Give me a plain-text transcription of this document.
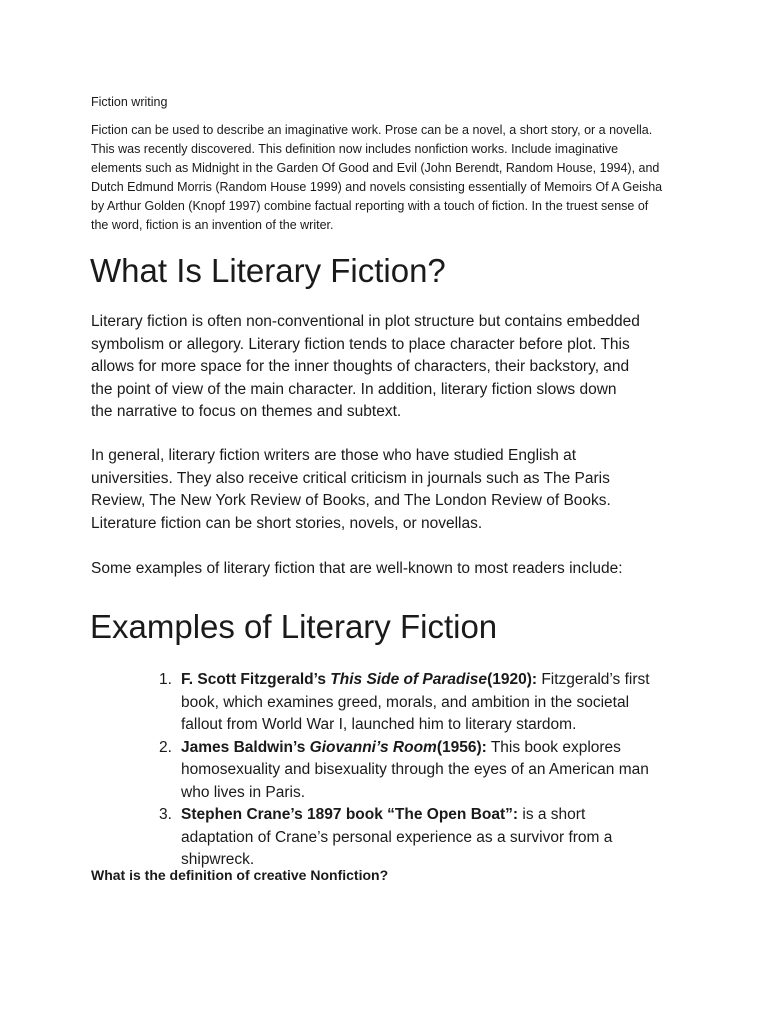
Fiction writing

Fiction can be used to describe an imaginative work. Prose can be a novel, a short story, or a novella.
This was recently discovered. This definition now includes nonfiction works. Include imaginative
elements such as Midnight in the Garden Of Good and Evil (John Berendt, Random House, 1994), and
Dutch Edmund Morris (Random House 1999) and novels consisting essentially of Memoirs Of A Geisha
by Arthur Golden (Knopf 1997) combine factual reporting with a touch of fiction. In the truest sense of
the word, fiction is an invention of the writer.

What Is Literary Fiction?

Literary fiction is often non-conventional in plot structure but contains embedded
symbolism or allegory. Literary fiction tends to place character before plot. This
allows for more space for the inner thoughts of characters, their backstory, and
the point of view of the main character. In addition, literary fiction slows down
the narrative to focus on themes and subtext.

In general, literary fiction writers are those who have studied English at
universities. They also receive critical criticism in journals such as The Paris
Review, The New York Review of Books, and The London Review of Books.
Literature fiction can be short stories, novels, or novellas.

Some examples of literary fiction that are well-known to most readers include:

Examples of Literary Fiction
1. F. Scott Fitzgerald’s This Side of Paradise(1920): Fitzgerald’s first
book, which examines greed, morals, and ambition in the societal
fallout from World War I, launched him to literary stardom.
2. James Baldwin’s Giovanni’s Room(1956): This book explores
homosexuality and bisexuality through the eyes of an American man
who lives in Paris.
3. Stephen Crane’s 1897 book “The Open Boat”: is a short
adaptation of Crane’s personal experience as a survivor from a
shipwreck.

What is the definition of creative Nonfiction?
